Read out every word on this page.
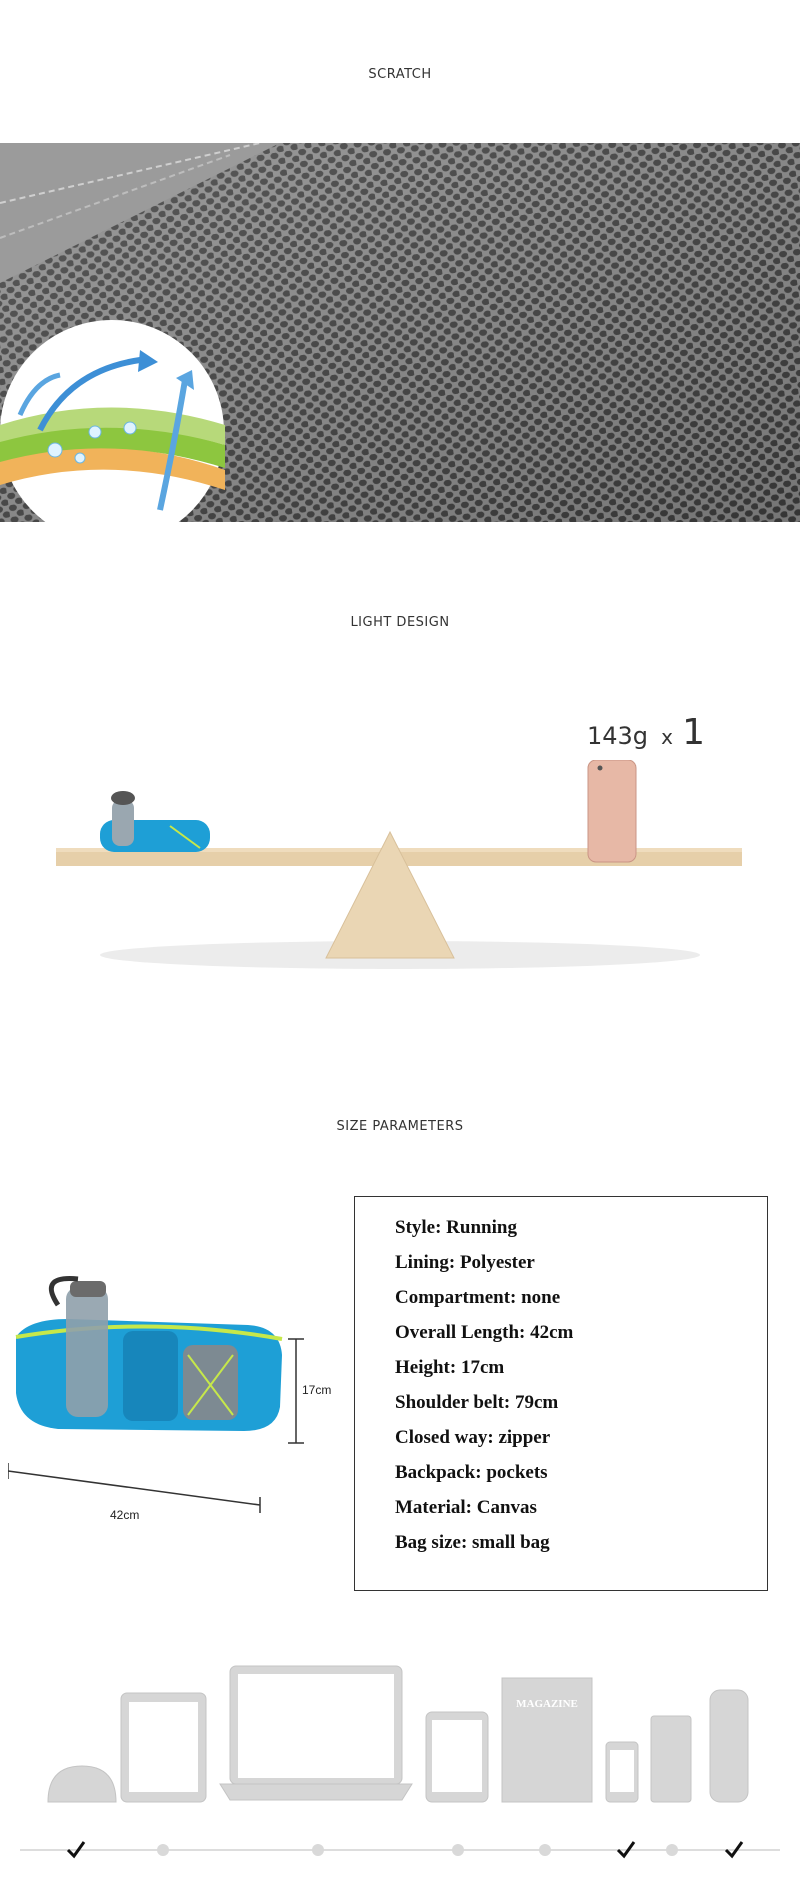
SCRATCH
LIGHT DESIGN
143g x 1
SIZE PARAMETERS
17cm
42cm
Style: Running
Lining: Polyester
Compartment: none
Overall Length: 42cm
Height: 17cm
Shoulder belt: 79cm
Closed way: zipper
Backpack: pockets
Material: Canvas
Bag size: small bag
MAGAZINE
